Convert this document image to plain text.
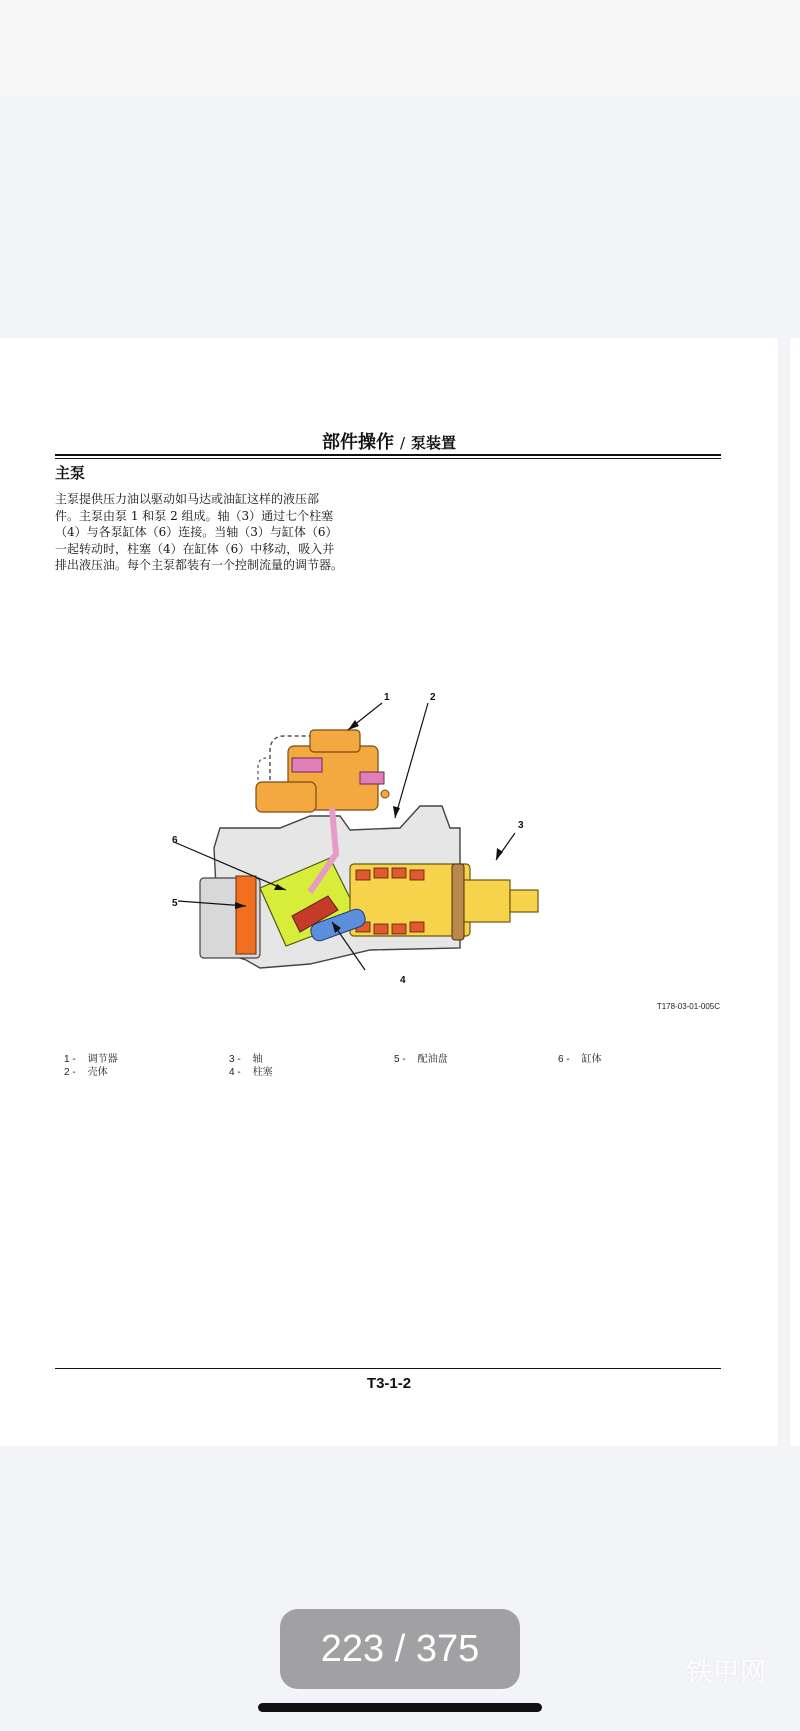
部件操作 / 泵装置
主泵
主泵提供压力油以驱动如马达或油缸这样的液压部
件。主泵由泵 1 和泵 2 组成。轴（3）通过七个柱塞
（4）与各泵缸体（6）连接。当轴（3）与缸体（6）
一起转动时，柱塞（4）在缸体（6）中移动，吸入并
排出液压油。每个主泵都装有一个控制流量的调节器。
1	2
3
4
5
6
T178-03-01-005C
1 - 调节器
2 - 壳体
3 - 轴
4 - 柱塞
5 - 配油盘	6 - 缸体
T3-1-2
223 / 375
铁甲网
